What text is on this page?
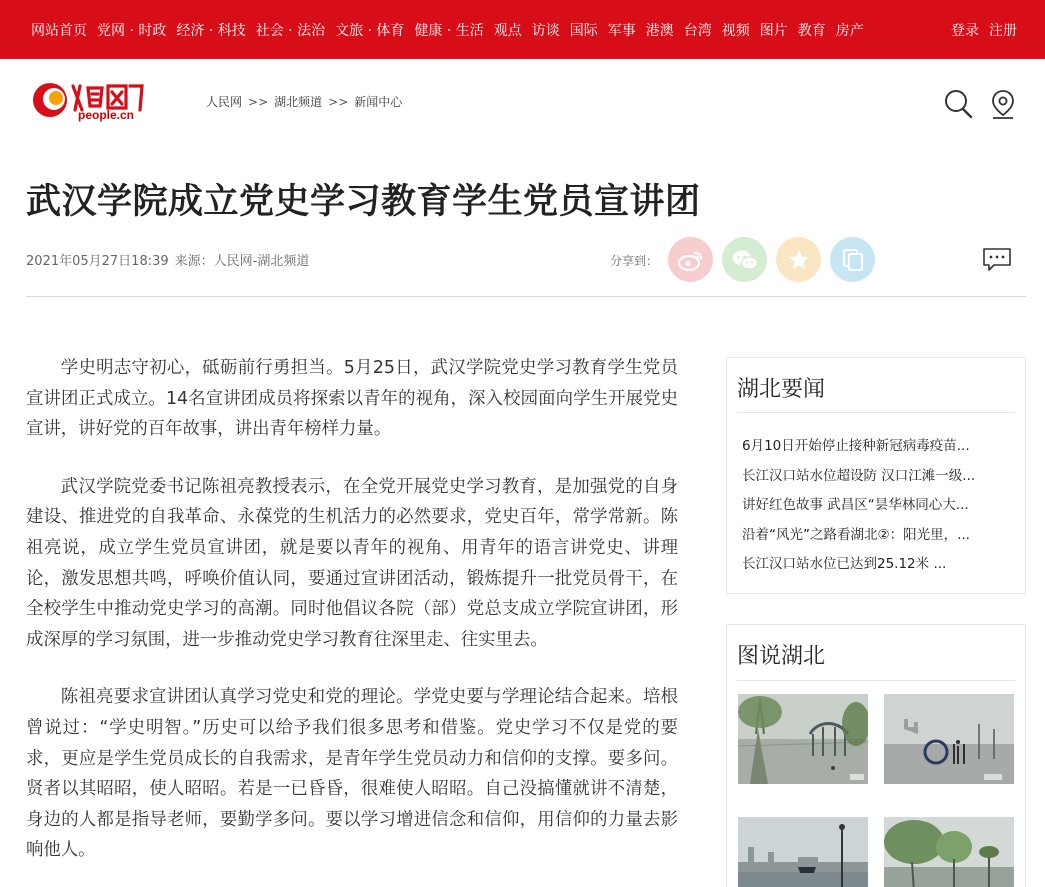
网站首页 党网 · 时政 经济 · 科技 社会 · 法治 文旅 · 体育 健康 · 生活 观点 访谈 国际 军事 港澳 台湾 视频 图片 教育 房产	登录 注册
people.cn
人民网 >> 湖北频道 >> 新闻中心
武汉学院成立党史学习教育学生党员宣讲团
2021年05月27日18:39 来源：人民网-湖北频道	分享到：

学史明志守初心，砥砺前行勇担当。5月25日，武汉学院党史学习教育学生党员宣讲团正式成立。14名宣讲团成员将探索以青年的视角，深入校园面向学生开展党史宣讲，讲好党的百年故事，讲出青年榜样力量。

武汉学院党委书记陈祖亮教授表示，在全党开展党史学习教育，是加强党的自身建设、推进党的自我革命、永葆党的生机活力的必然要求，党史百年，常学常新。陈祖亮说，成立学生党员宣讲团，就是要以青年的视角、用青年的语言讲党史、讲理论，激发思想共鸣，呼唤价值认同，要通过宣讲团活动，锻炼提升一批党员骨干，在全校学生中推动党史学习的高潮。同时他倡议各院（部）党总支成立学院宣讲团，形成深厚的学习氛围，进一步推动党史学习教育往深里走、往实里去。

陈祖亮要求宣讲团认真学习党史和党的理论。学党史要与学理论结合起来。培根曾说过：“学史明智。”历史可以给予我们很多思考和借鉴。党史学习不仅是党的要求，更应是学生党员成长的自我需求，是青年学生党员动力和信仰的支撑。要多问。贤者以其昭昭，使人昭昭。若是一已昏昏，很难使人昭昭。自己没搞懂就讲不清楚，身边的人都是指导老师，要勤学多问。要以学习增进信念和信仰，用信仰的力量去影响他人。

湖北要闻
6月10日开始停止接种新冠病毒疫苗...
长江汉口站水位超设防 汉口江滩一级...
讲好红色故事 武昌区“昙华林同心大...
沿着“风光”之路看湖北②：阳光里，...
长江汉口站水位已达到25.12米 ...
图说湖北
